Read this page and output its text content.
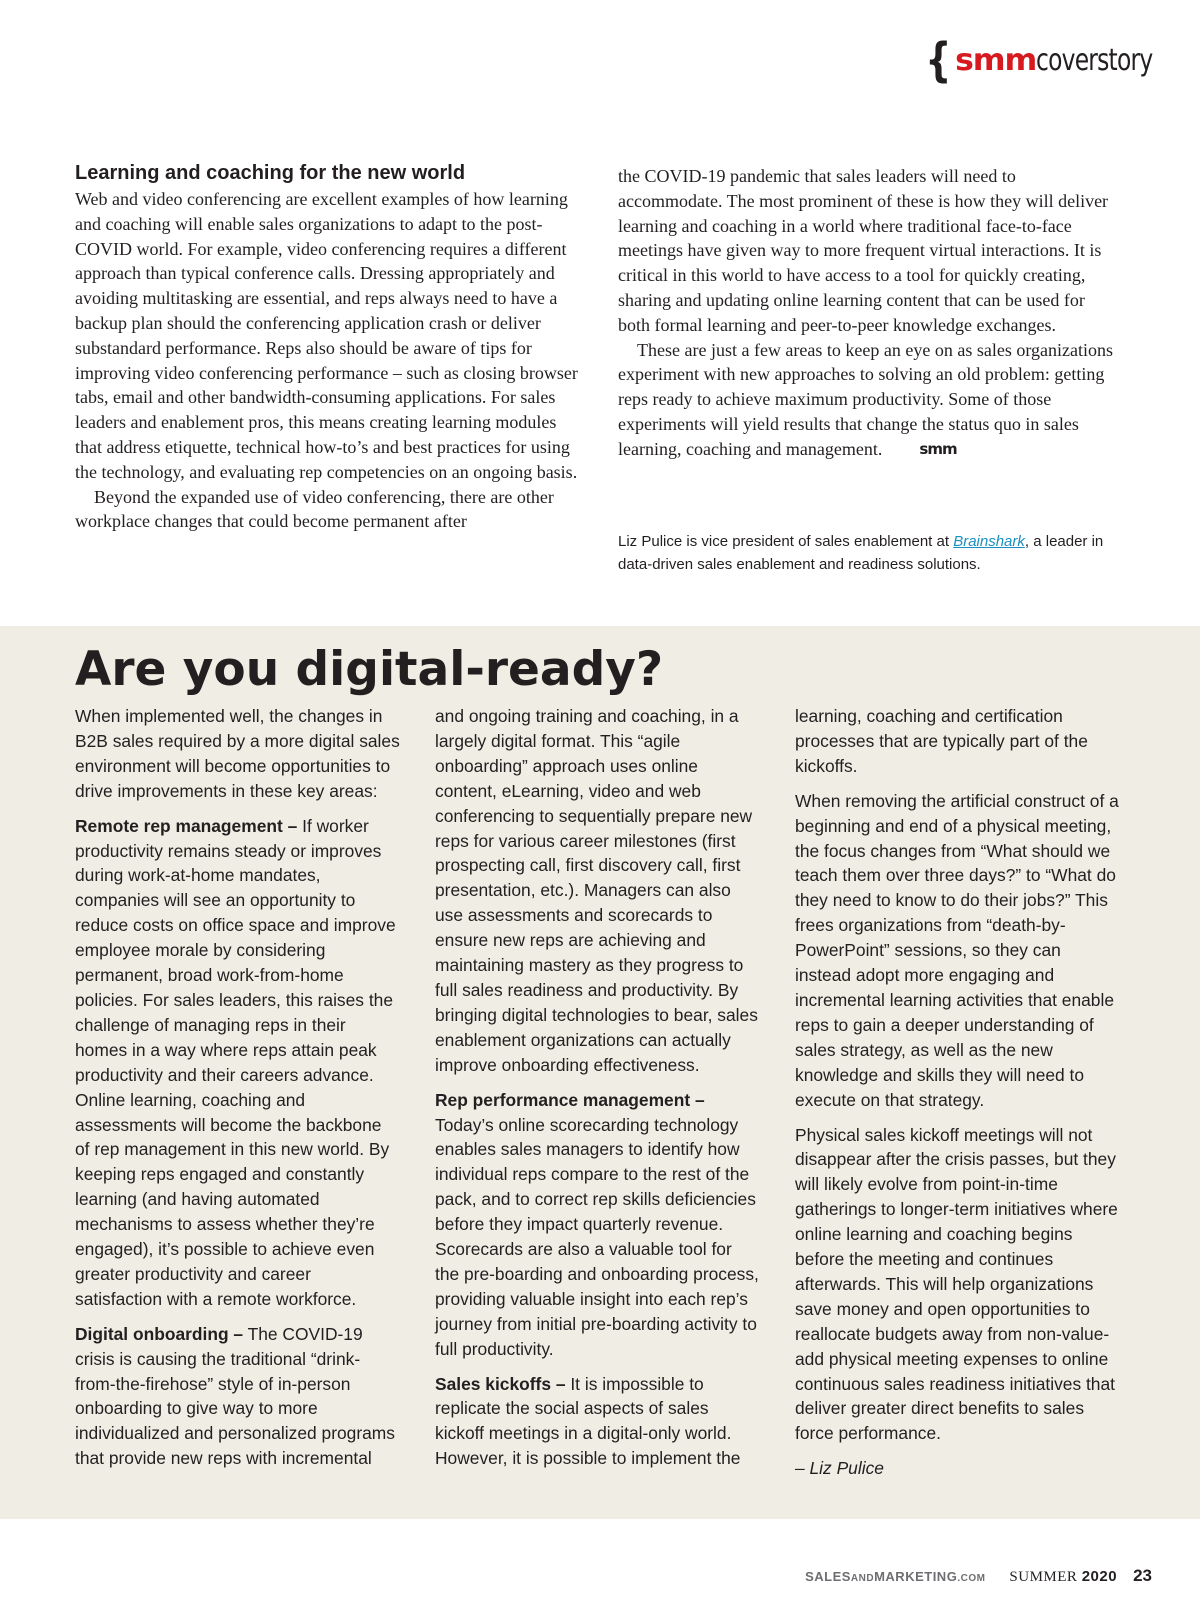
{ smm coverstory
Learning and coaching for the new world

Web and video conferencing are excellent examples of how learning and coaching will enable sales organizations to adapt to the post-COVID world. For example, video conferencing requires a different approach than typical conference calls. Dressing appropriately and avoiding multitasking are essential, and reps always need to have a backup plan should the conferencing application crash or deliver substandard performance. Reps also should be aware of tips for improving video conferencing performance – such as closing browser tabs, email and other bandwidth-consuming applications. For sales leaders and enablement pros, this means creating learning modules that address etiquette, technical how-to’s and best practices for using the technology, and evaluating rep competencies on an ongoing basis.

Beyond the expanded use of video conferencing, there are other workplace changes that could become permanent after

the COVID-19 pandemic that sales leaders will need to accommodate. The most prominent of these is how they will deliver learning and coaching in a world where traditional face-to-face meetings have given way to more frequent virtual interactions. It is critical in this world to have access to a tool for quickly creating, sharing and updating online learning content that can be used for both formal learning and peer-to-peer knowledge exchanges.

These are just a few areas to keep an eye on as sales organizations experiment with new approaches to solving an old problem: getting reps ready to achieve maximum productivity. Some of those experiments will yield results that change the status quo in sales learning, coaching and management. smm

Liz Pulice is vice president of sales enablement at Brainshark, a leader in data-driven sales enablement and readiness solutions.
Are you digital-ready?

When implemented well, the changes in B2B sales required by a more digital sales environment will become opportunities to drive improvements in these key areas:

Remote rep management – If worker productivity remains steady or improves during work-at-home mandates, companies will see an opportunity to reduce costs on office space and improve employee morale by considering permanent, broad work-from-home policies. For sales leaders, this raises the challenge of managing reps in their homes in a way where reps attain peak productivity and their careers advance. Online learning, coaching and assessments will become the backbone of rep management in this new world. By keeping reps engaged and constantly learning (and having automated mechanisms to assess whether they’re engaged), it’s possible to achieve even greater productivity and career satisfaction with a remote workforce.

Digital onboarding – The COVID-19 crisis is causing the traditional “drink-from-the-firehose” style of in-person onboarding to give way to more individualized and personalized programs that provide new reps with incremental

and ongoing training and coaching, in a largely digital format. This “agile onboarding” approach uses online content, eLearning, video and web conferencing to sequentially prepare new reps for various career milestones (first prospecting call, first discovery call, first presentation, etc.). Managers can also use assessments and scorecards to ensure new reps are achieving and maintaining mastery as they progress to full sales readiness and productivity. By bringing digital technologies to bear, sales enablement organizations can actually improve onboarding effectiveness.

Rep performance management – Today’s online scorecarding technology enables sales managers to identify how individual reps compare to the rest of the pack, and to correct rep skills deficiencies before they impact quarterly revenue. Scorecards are also a valuable tool for the pre-boarding and onboarding process, providing valuable insight into each rep’s journey from initial pre-boarding activity to full productivity.

Sales kickoffs – It is impossible to replicate the social aspects of sales kickoff meetings in a digital-only world. However, it is possible to implement the

learning, coaching and certification processes that are typically part of the kickoffs.

When removing the artificial construct of a beginning and end of a physical meeting, the focus changes from “What should we teach them over three days?” to “What do they need to know to do their jobs?” This frees organizations from “death-by-PowerPoint” sessions, so they can instead adopt more engaging and incremental learning activities that enable reps to gain a deeper understanding of sales strategy, as well as the new knowledge and skills they will need to execute on that strategy.

Physical sales kickoff meetings will not disappear after the crisis passes, but they will likely evolve from point-in-time gatherings to longer-term initiatives where online learning and coaching begins before the meeting and continues afterwards. This will help organizations save money and open opportunities to reallocate budgets away from non-value-add physical meeting expenses to online continuous sales readiness initiatives that deliver greater direct benefits to sales force performance.

– Liz Pulice

SALESANDMARKETING.COM SUMMER 2020 23
